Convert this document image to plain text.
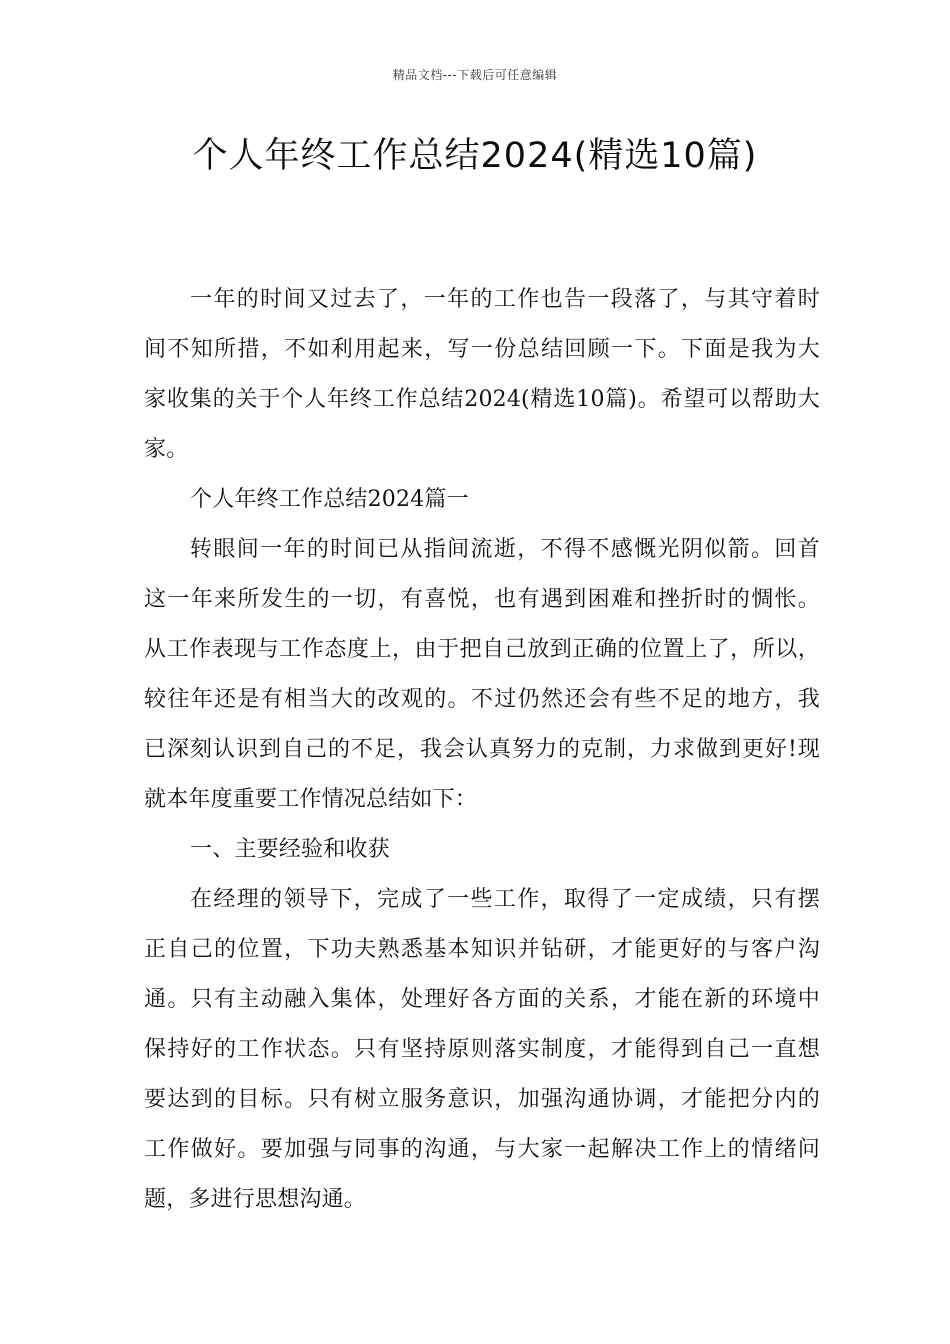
精品文档---下载后可任意编辑
个人年终工作总结2024(精选10篇)
一年的时间又过去了，一年的工作也告一段落了，与其守着时
间不知所措，不如利用起来，写一份总结回顾一下。下面是我为大
家收集的关于个人年终工作总结2024(精选10篇)。希望可以帮助大
家。
个人年终工作总结2024篇一
转眼间一年的时间已从指间流逝，不得不感慨光阴似箭。回首
这一年来所发生的一切，有喜悦，也有遇到困难和挫折时的惆怅。
从工作表现与工作态度上，由于把自己放到正确的位置上了，所以，
较往年还是有相当大的改观的。不过仍然还会有些不足的地方，我
已深刻认识到自己的不足，我会认真努力的克制，力求做到更好!现
就本年度重要工作情况总结如下：
一、主要经验和收获
在经理的领导下，完成了一些工作，取得了一定成绩，只有摆
正自己的位置，下功夫熟悉基本知识并钻研，才能更好的与客户沟
通。只有主动融入集体，处理好各方面的关系，才能在新的环境中
保持好的工作状态。只有坚持原则落实制度，才能得到自己一直想
要达到的目标。只有树立服务意识，加强沟通协调，才能把分内的
工作做好。要加强与同事的沟通，与大家一起解决工作上的情绪问
题，多进行思想沟通。
